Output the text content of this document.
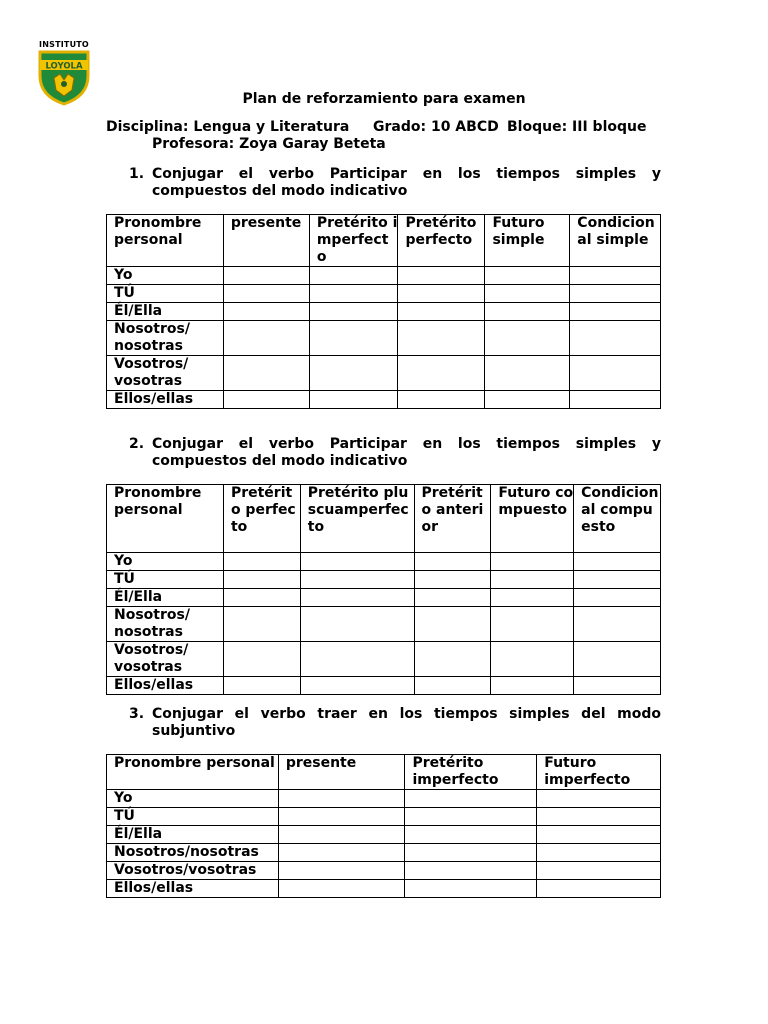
INSTITUTO
LOYOLA
Plan de reforzamiento para examen
Disciplina: Lengua y Literatura Grado: 10 ABCD Bloque: III bloque
Profesora: Zoya Garay Beteta
1. Conjugar el verbo Participar en los tiempos simples y
compuestos del modo indicativo
Pronombre personal	presente	Pretérito imperfecto	Pretérito perfecto	Futuro simple	Condicional simple
Yo					
TÚ					
Él/Ella					
Nosotros/ nosotras					
Vosotros/ vosotras					
Ellos/ellas					
2. Conjugar el verbo Participar en los tiempos simples y
compuestos del modo indicativo
Pronombre personal	Pretérito perfecto	Pretérito pluscuamperfecto	Pretérito anterior	Futuro compuesto	Condicional compuesto
Yo					
TÚ					
Él/Ella					
Nosotros/ nosotras					
Vosotros/ vosotras					
Ellos/ellas					
3. Conjugar el verbo traer en los tiempos simples del modo
subjuntivo
Pronombre personal	presente	Pretérito imperfecto	Futuro imperfecto
Yo			
TÚ			
Él/Ella			
Nosotros/nosotras			
Vosotros/vosotras			
Ellos/ellas			
